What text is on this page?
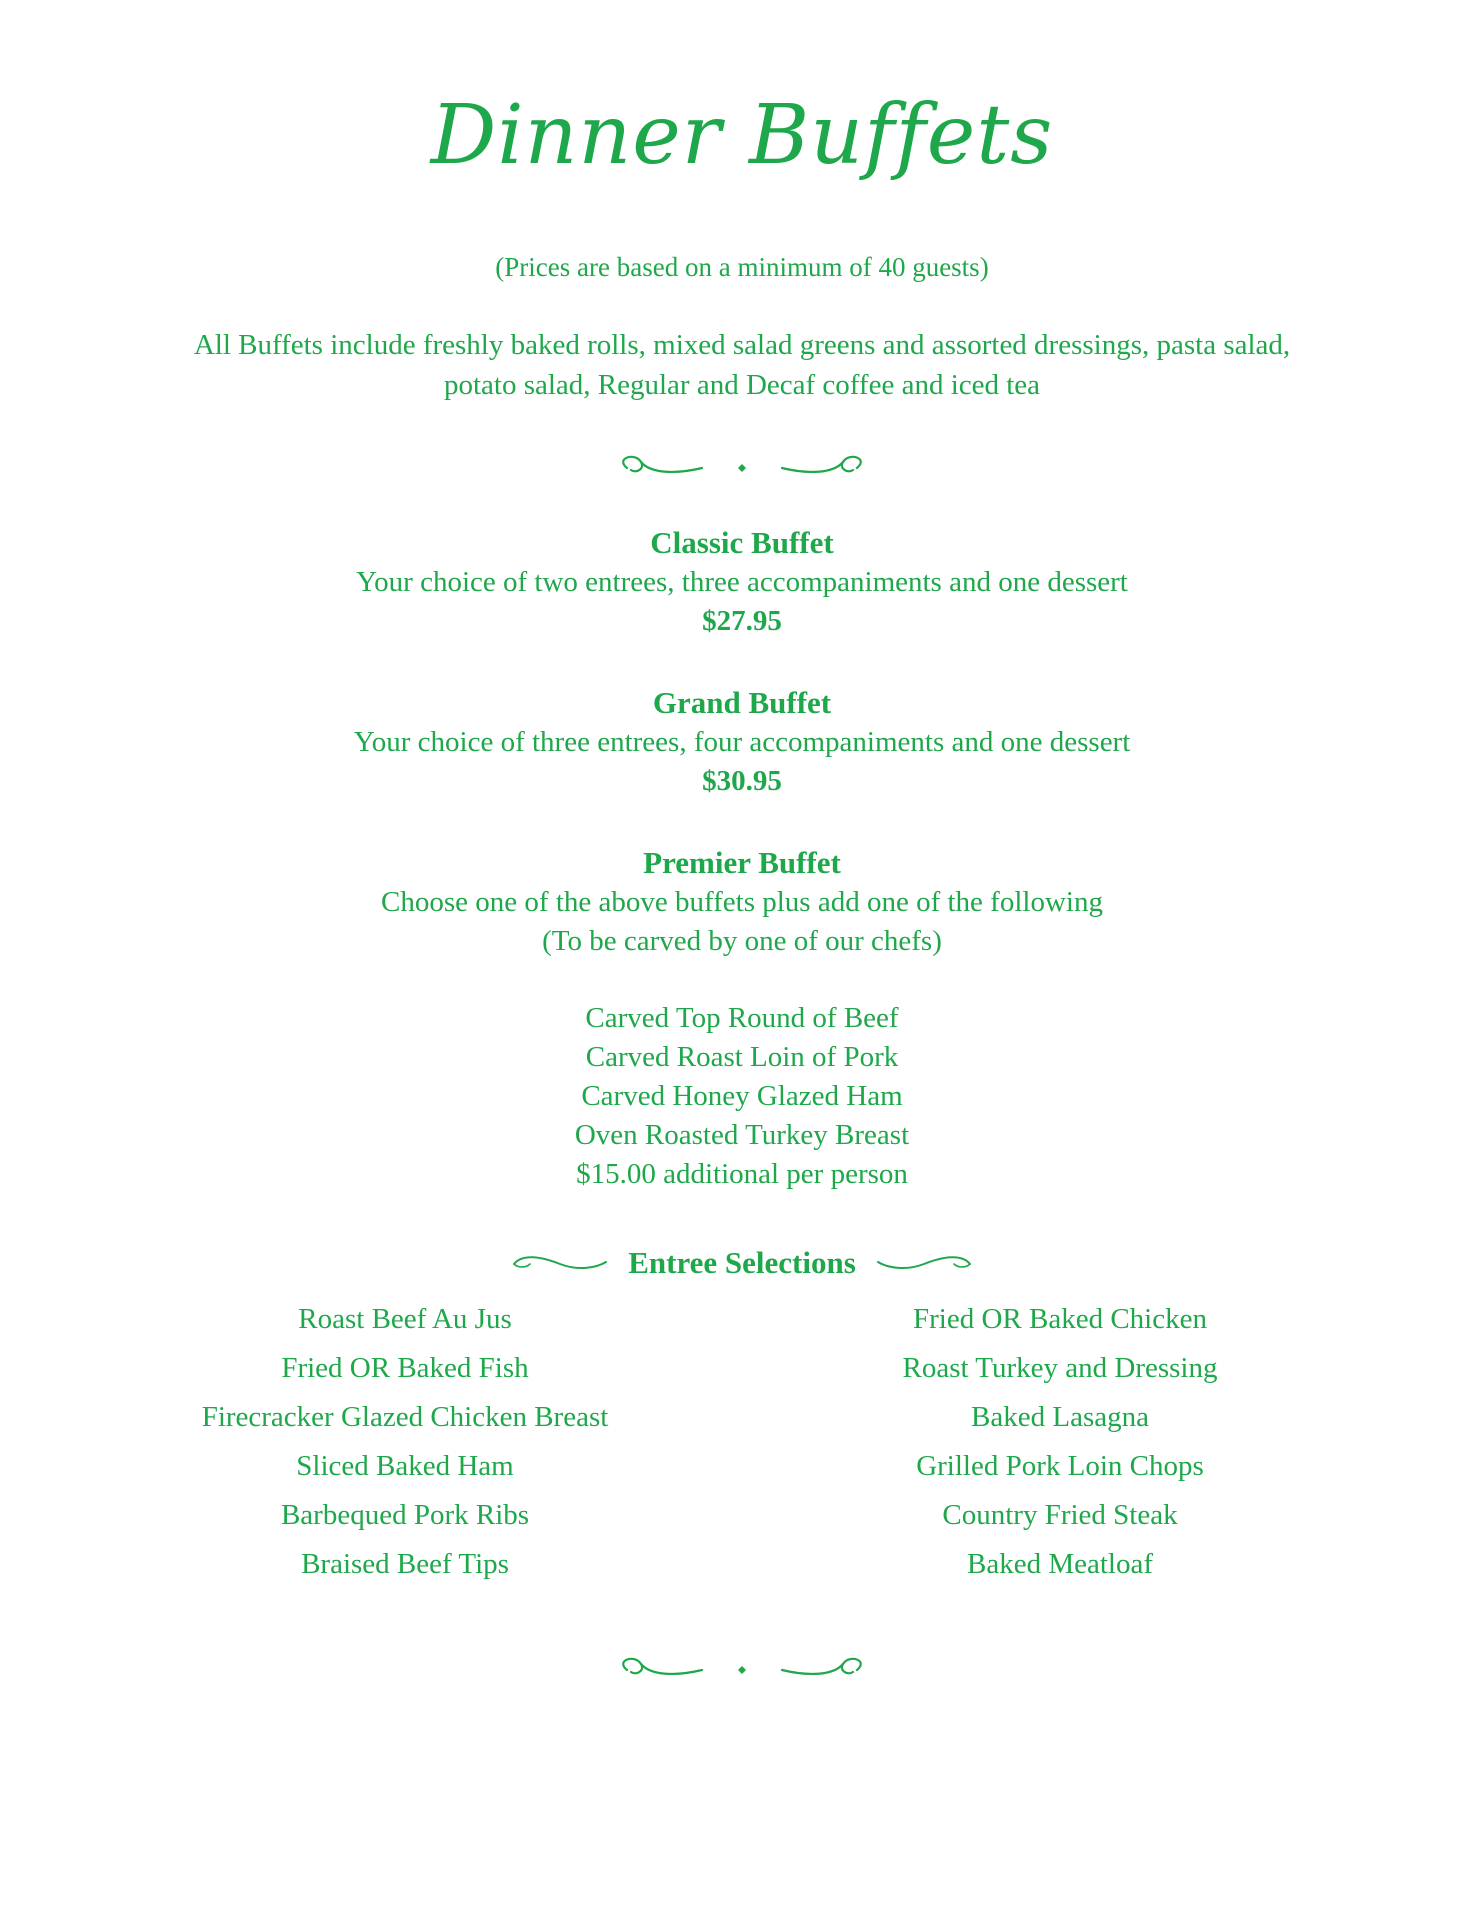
Dinner Buffets
(Prices are based on a minimum of 40 guests)
All Buffets include freshly baked rolls, mixed salad greens and assorted dressings, pasta salad,
potato salad, Regular and Decaf coffee and iced tea
Classic Buffet
Your choice of two entrees, three accompaniments and one dessert
$27.95
Grand Buffet
Your choice of three entrees, four accompaniments and one dessert
$30.95
Premier Buffet
Choose one of the above buffets plus add one of the following
(To be carved by one of our chefs)
Carved Top Round of Beef
Carved Roast Loin of Pork
Carved Honey Glazed Ham
Oven Roasted Turkey Breast
$15.00 additional per person
Entree Selections
Roast Beef Au Jus
Fried OR Baked Fish
Firecracker Glazed Chicken Breast
Sliced Baked Ham
Barbequed Pork Ribs
Braised Beef Tips
Fried OR Baked Chicken
Roast Turkey and Dressing
Baked Lasagna
Grilled Pork Loin Chops
Country Fried Steak
Baked Meatloaf
